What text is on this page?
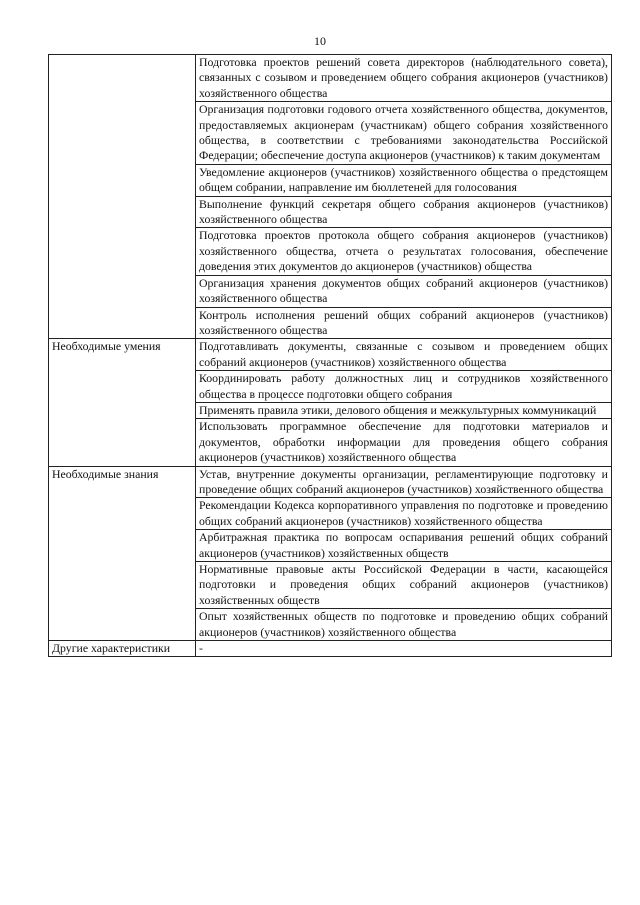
10
	Подготовка проектов решений совета директоров (наблюдательного совета), связанных с созывом и проведением общего собрания акционеров (участников) хозяйственного общества
	Организация подготовки годового отчета хозяйственного общества, документов, предоставляемых акционерам (участникам) общего собрания хозяйственного общества, в соответствии с требованиями законодательства Российской Федерации; обеспечение доступа акционеров (участников) к таким документам
	Уведомление акционеров (участников) хозяйственного общества о предстоящем общем собрании, направление им бюллетеней для голосования
	Выполнение функций секретаря общего собрания акционеров (участников) хозяйственного общества
	Подготовка проектов протокола общего собрания акционеров (участников) хозяйственного общества, отчета о результатах голосования, обеспечение доведения этих документов до акционеров (участников) общества
	Организация хранения документов общих собраний акционеров (участников) хозяйственного общества
	Контроль исполнения решений общих собраний акционеров (участников) хозяйственного общества
Необходимые умения	Подготавливать документы, связанные с созывом и проведением общих собраний акционеров (участников) хозяйственного общества
	Координировать работу должностных лиц и сотрудников хозяйственного общества в процессе подготовки общего собрания
	Применять правила этики, делового общения и межкультурных коммуникаций
	Использовать программное обеспечение для подготовки материалов и документов, обработки информации для проведения общего собрания акционеров (участников) хозяйственного общества
Необходимые знания	Устав, внутренние документы организации, регламентирующие подготовку и проведение общих собраний акционеров (участников) хозяйственного общества
	Рекомендации Кодекса корпоративного управления по подготовке и проведению общих собраний акционеров (участников) хозяйственного общества
	Арбитражная практика по вопросам оспаривания решений общих собраний акционеров (участников) хозяйственных обществ
	Нормативные правовые акты Российской Федерации в части, касающейся подготовки и проведения общих собраний акционеров (участников) хозяйственных обществ
	Опыт хозяйственных обществ по подготовке и проведению общих собраний акционеров (участников) хозяйственного общества
Другие характеристики	-
